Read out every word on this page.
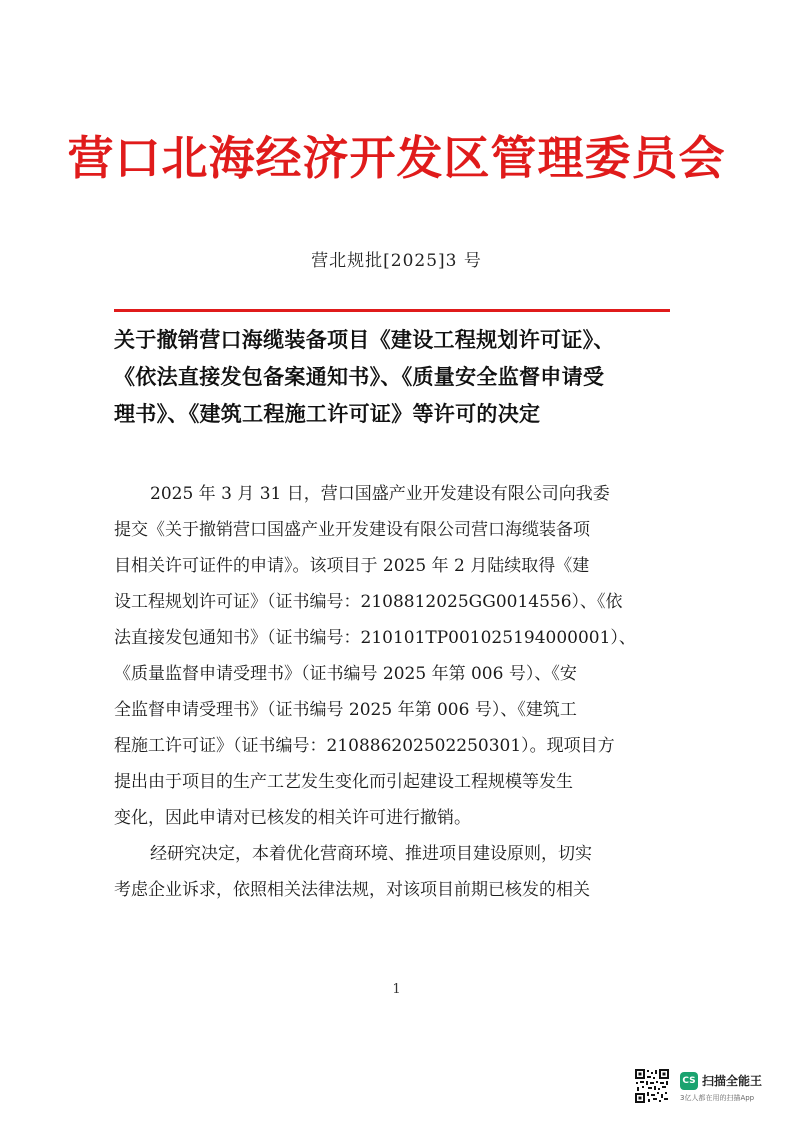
营口北海经济开发区管理委员会
营北规批[2025]3 号
关于撤销营口海缆装备项目《建设工程规划许可证》、
《依法直接发包备案通知书》、《质量安全监督申请受
理书》、《建筑工程施工许可证》等许可的决定

2025 年 3 月 31 日，营口国盛产业开发建设有限公司向我委
提交《关于撤销营口国盛产业开发建设有限公司营口海缆装备项
目相关许可证件的申请》。该项目于 2025 年 2 月陆续取得《建
设工程规划许可证》（证书编号：2108812025GG0014556）、《依
法直接发包通知书》（证书编号：210101TP001025194000001）、
《质量监督申请受理书》（证书编号 2025 年第 006 号）、《安
全监督申请受理书》（证书编号 2025 年第 006 号）、《建筑工
程施工许可证》（证书编号：210886202502250301）。现项目方
提出由于项目的生产工艺发生变化而引起建设工程规模等发生
变化，因此申请对已核发的相关许可进行撤销。

经研究决定，本着优化营商环境、推进项目建设原则，切实
考虑企业诉求，依照相关法律法规，对该项目前期已核发的相关

1
CS 扫描全能王
3亿人都在用的扫描App
